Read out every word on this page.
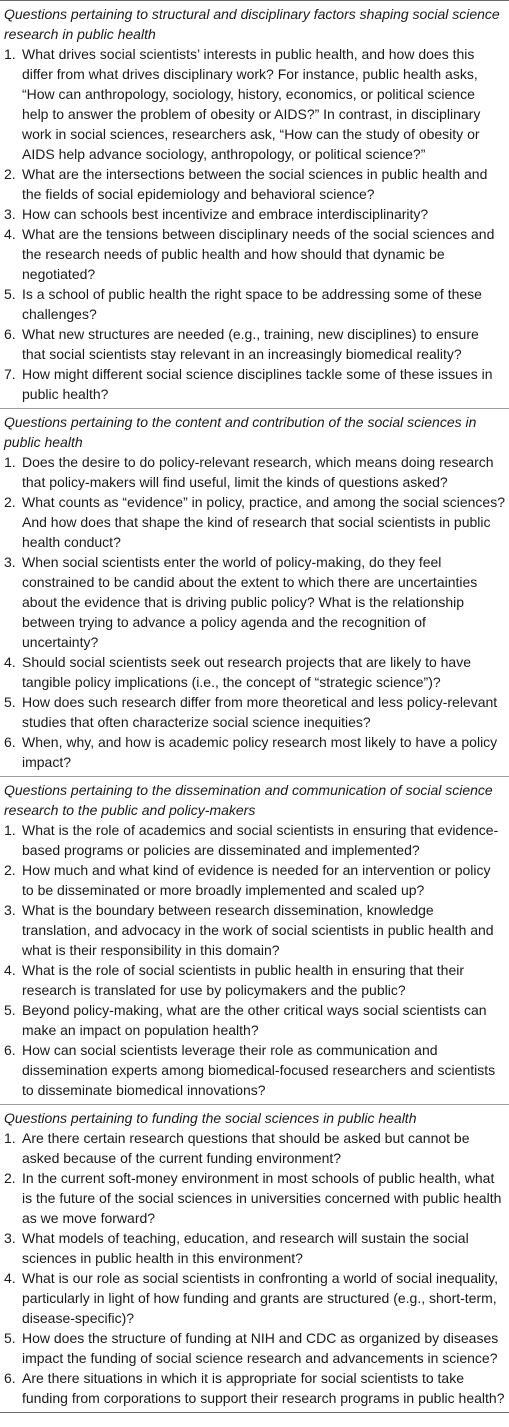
Questions pertaining to structural and disciplinary factors shaping social science research in public health
1. What drives social scientists’ interests in public health, and how does this differ from what drives disciplinary work? For instance, public health asks, “How can anthropology, sociology, history, economics, or political science help to answer the problem of obesity or AIDS?” In contrast, in disciplinary work in social sciences, researchers ask, “How can the study of obesity or AIDS help advance sociology, anthropology, or political science?”
2. What are the intersections between the social sciences in public health and the fields of social epidemiology and behavioral science?
3. How can schools best incentivize and embrace interdisciplinarity?
4. What are the tensions between disciplinary needs of the social sciences and the research needs of public health and how should that dynamic be negotiated?
5. Is a school of public health the right space to be addressing some of these challenges?
6. What new structures are needed (e.g., training, new disciplines) to ensure that social scientists stay relevant in an increasingly biomedical reality?
7. How might different social science disciplines tackle some of these issues in public health?
Questions pertaining to the content and contribution of the social sciences in public health
1. Does the desire to do policy-relevant research, which means doing research that policy-makers will find useful, limit the kinds of questions asked?
2. What counts as “evidence” in policy, practice, and among the social sciences? And how does that shape the kind of research that social scientists in public health conduct?
3. When social scientists enter the world of policy-making, do they feel constrained to be candid about the extent to which there are uncertainties about the evidence that is driving public policy? What is the relationship between trying to advance a policy agenda and the recognition of uncertainty?
4. Should social scientists seek out research projects that are likely to have tangible policy implications (i.e., the concept of “strategic science”)?
5. How does such research differ from more theoretical and less policy-relevant studies that often characterize social science inequities?
6. When, why, and how is academic policy research most likely to have a policy impact?
Questions pertaining to the dissemination and communication of social science research to the public and policy-makers
1. What is the role of academics and social scientists in ensuring that evidence-based programs or policies are disseminated and implemented?
2. How much and what kind of evidence is needed for an intervention or policy to be disseminated or more broadly implemented and scaled up?
3. What is the boundary between research dissemination, knowledge translation, and advocacy in the work of social scientists in public health and what is their responsibility in this domain?
4. What is the role of social scientists in public health in ensuring that their research is translated for use by policymakers and the public?
5. Beyond policy-making, what are the other critical ways social scientists can make an impact on population health?
6. How can social scientists leverage their role as communication and dissemination experts among biomedical-focused researchers and scientists to disseminate biomedical innovations?
Questions pertaining to funding the social sciences in public health
1. Are there certain research questions that should be asked but cannot be asked because of the current funding environment?
2. In the current soft-money environment in most schools of public health, what is the future of the social sciences in universities concerned with public health as we move forward?
3. What models of teaching, education, and research will sustain the social sciences in public health in this environment?
4. What is our role as social scientists in confronting a world of social inequality, particularly in light of how funding and grants are structured (e.g., short-term, disease-specific)?
5. How does the structure of funding at NIH and CDC as organized by diseases impact the funding of social science research and advancements in science?
6. Are there situations in which it is appropriate for social scientists to take funding from corporations to support their research programs in public health?
